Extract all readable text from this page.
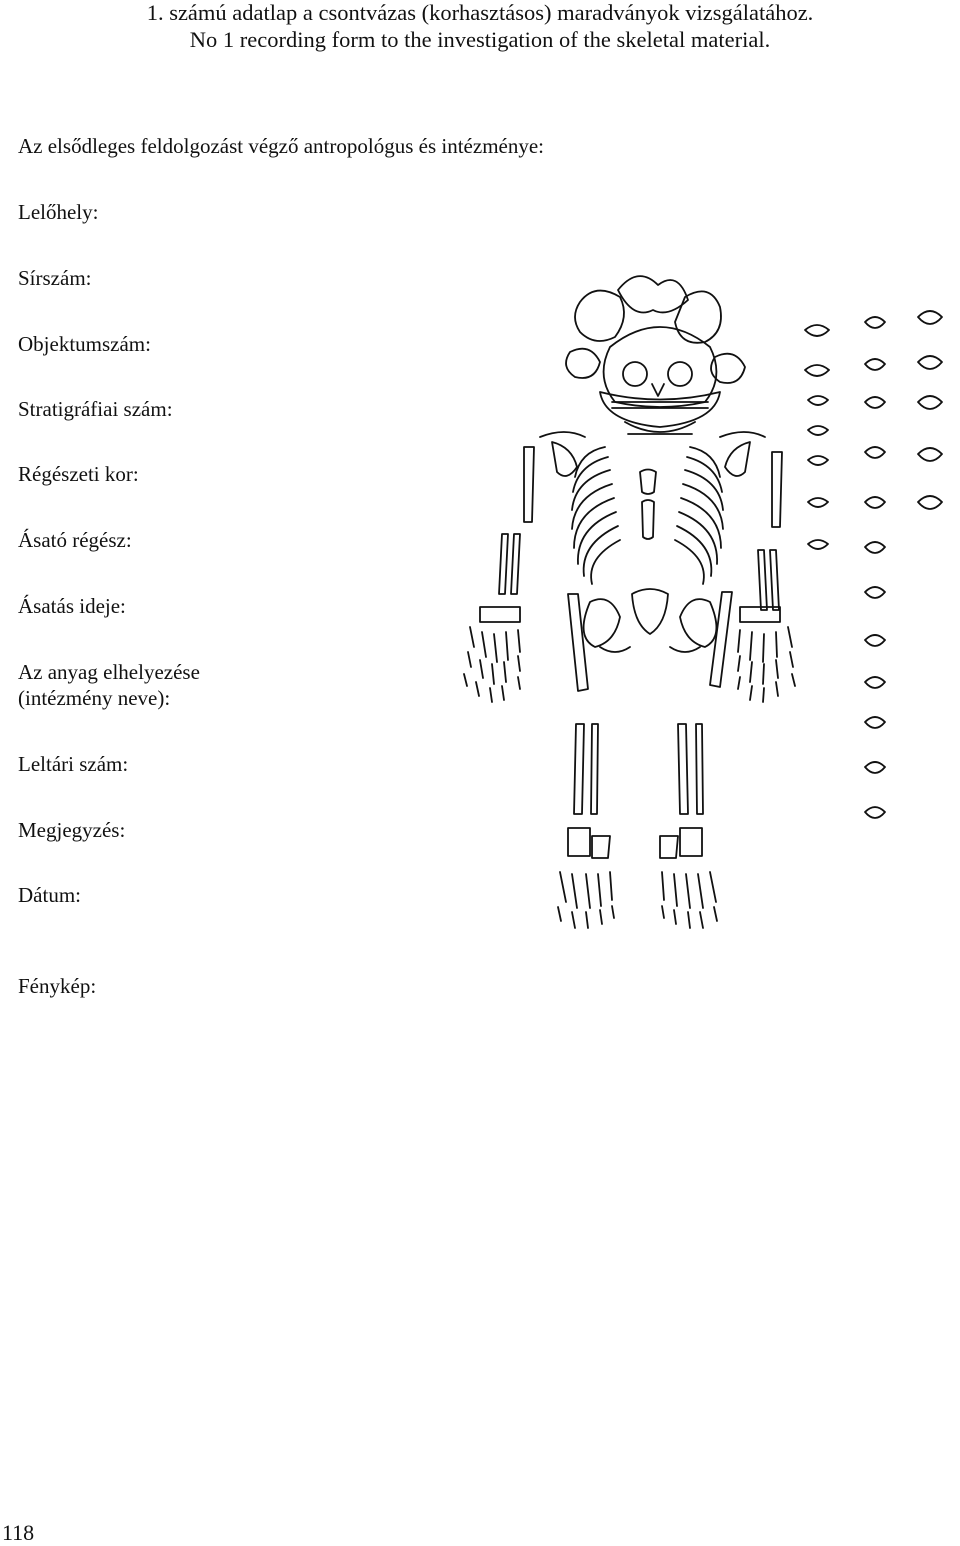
1. számú adatlap a csontvázas (korhasztásos) maradványok vizsgálatához.
No 1 recording form to the investigation of the skeletal material.
Az elsődleges feldolgozást végző antropológus és intézménye:
Lelőhely:
Sírszám:
Objektumszám:
Stratigráfiai szám:
Régészeti kor:
Ásató régész:
Ásatás ideje:
Az anyag elhelyezése
(intézmény neve):
Leltári szám:
Megjegyzés:
Dátum:
Fénykép:
118
